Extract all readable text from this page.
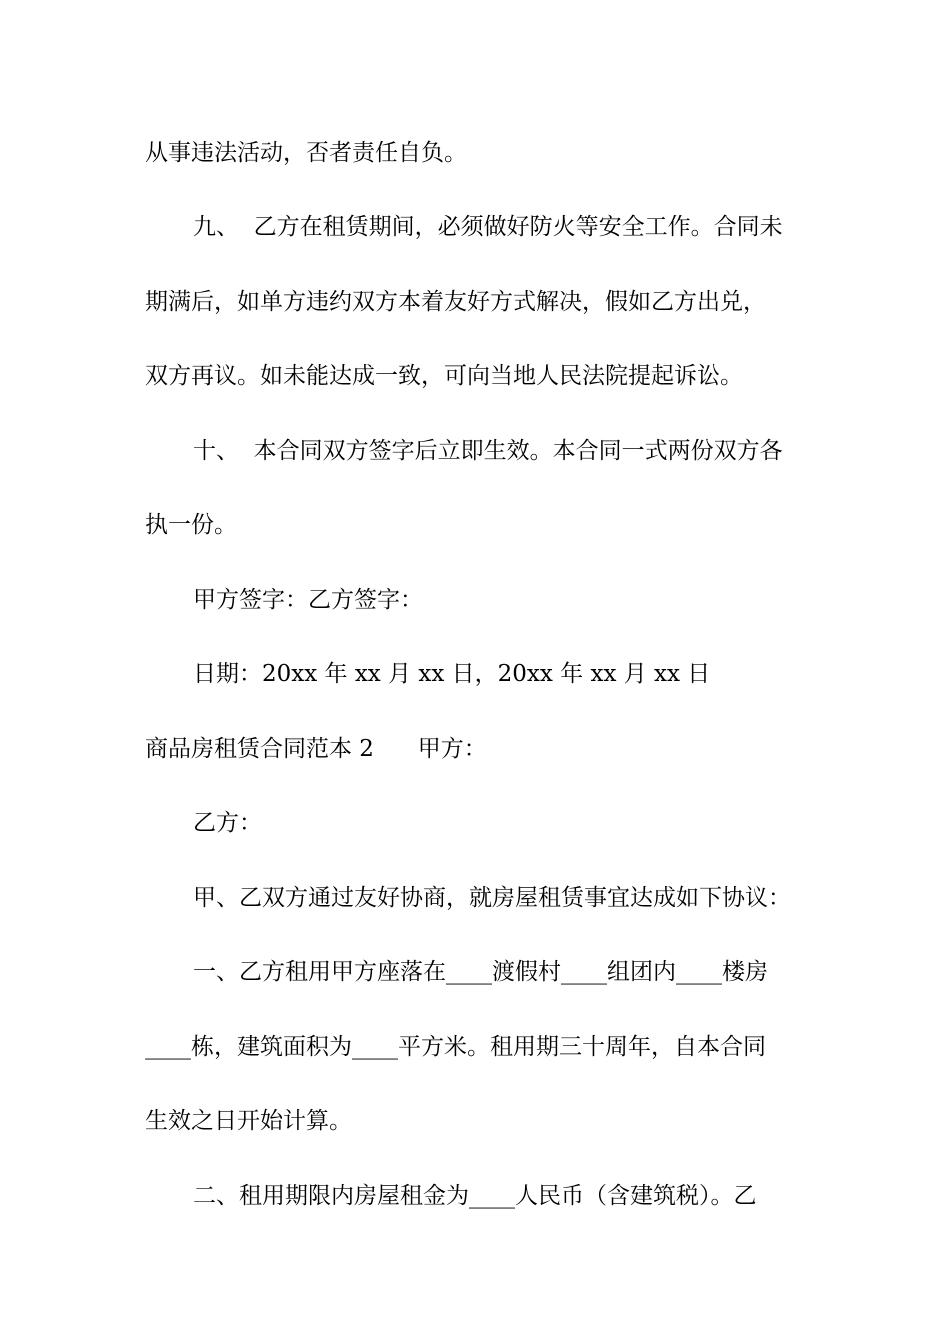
从事违法活动，否者责任自负。

九、  乙方在租赁期间，必须做好防火等安全工作。合同未

期满后，如单方违约双方本着友好方式解决，假如乙方出兑，

双方再议。如未能达成一致，可向当地人民法院提起诉讼。

十、  本合同双方签字后立即生效。本合同一式两份双方各

执一份。

甲方签字：乙方签字：

日期：20xx 年 xx 月 xx 日，20xx 年 xx 月 xx 日

商品房租赁合同范本 2      甲方：

乙方：

甲、乙双方通过友好协商，就房屋租赁事宜达成如下协议：

一、乙方租用甲方座落在____渡假村____组团内____楼房

____栋，建筑面积为____平方米。租用期三十周年，自本合同

生效之日开始计算。

二、租用期限内房屋租金为____人民币（含建筑税）。乙
